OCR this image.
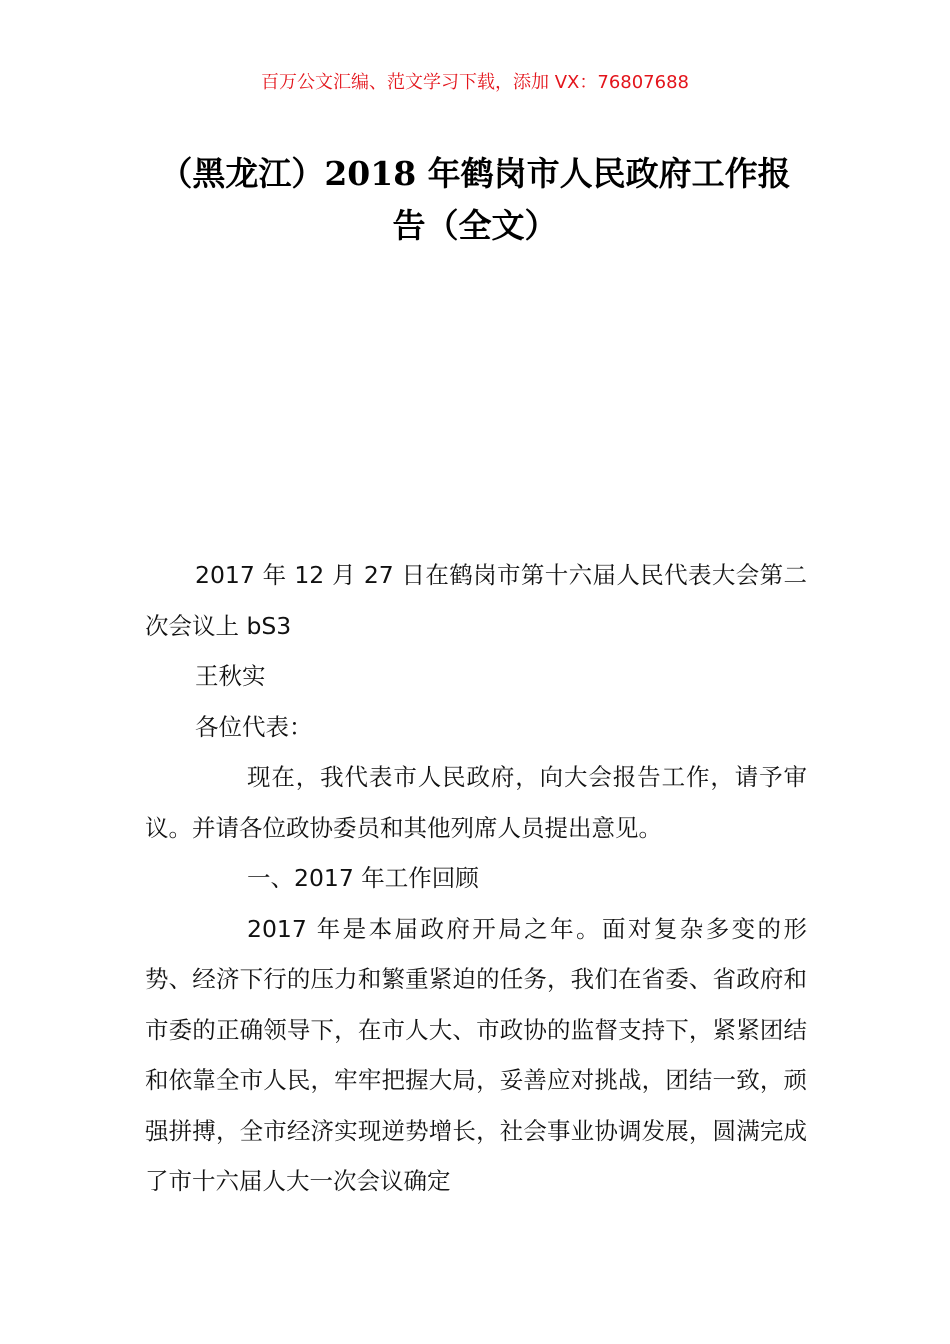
百万公文汇编、范文学习下载，添加 VX：76807688
（黑龙江）2018 年鹤岗市人民政府工作报
告（全文）

2017 年 12 月 27 日在鹤岗市第十六届人民代表大会第二次会议上 bS3

王秋实

各位代表：

现在，我代表市人民政府，向大会报告工作，请予审议。并请各位政协委员和其他列席人员提出意见。

一、2017 年工作回顾

2017 年是本届政府开局之年。面对复杂多变的形势、经济下行的压力和繁重紧迫的任务，我们在省委、省政府和市委的正确领导下，在市人大、市政协的监督支持下，紧紧团结和依靠全市人民，牢牢把握大局，妥善应对挑战，团结一致，顽强拼搏，全市经济实现逆势增长，社会事业协调发展，圆满完成了市十六届人大一次会议确定
